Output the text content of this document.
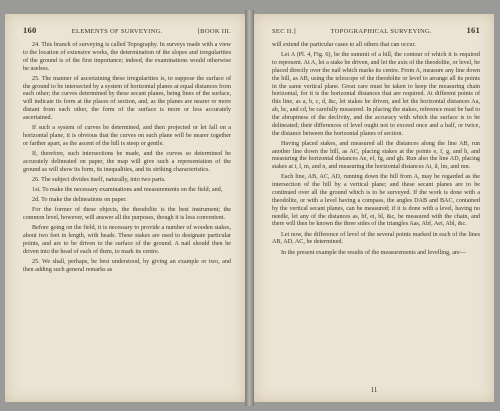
160	ELEMENTS OF SURVEYING.	[BOOK III.

24. This branch of surveying is called Topography. In surveys made with a view to the location of extensive works, the determination of the slopes and irregularities of the ground is of the first importance; indeed, the examinations would otherwise be useless.

25. The manner of ascertaining these irregularities is, to suppose the surface of the ground to be intersected by a system of horizontal planes at equal distances from each other; the curves determined by these secant planes, being lines of the surface, will indicate its form at the places of section, and, as the planes are nearer or more distant from each other, the form of the surface is more or less accurately ascertained.

If such a system of curves be determined, and then projected or let fall on a horizontal plane, it is obvious that the curves on such plane will be nearer together or farther apart, as the ascent of the hill is steep or gentle.

If, therefore, such intersections be made, and the curves so determined be accurately delineated on paper, the map will give such a representation of the ground as will show its form, its inequalities, and its striking characteristics.

26. The subject divides itself, naturally, into two parts.

1st. To make the necessary examinations and measurements on the field; and,

2d. To make the delineations on paper.

For the former of these objects, the theodolite is the best instrument; the common level, however, will answer all the purposes, though it is less convenient.

Before going on the field, it is necessary to provide a number of wooden stakes, about two feet in length, with heads. These stakes are used to designate particular points, and are to be driven to the surface of the ground. A nail should then be driven into the head of each of them, to mark its centre.

25. We shall, perhaps, be best understood, by giving an example or two, and then adding such general remarks as

SEC II.]	TOPOGRAPHICAL SURVEYING.	161

will extend the particular cases to all others that can occur.

Let A (Pl. 4, Fig. 6), be the summit of a hill, the contour of which it is required to represent. At A, let a stake be driven, and let the axis of the theodolite, or level, be placed directly over the nail which marks its centre. From A, measure any line down the hill, as AB, using the telescope of the theodolite or level to arrange all its points in the same vertical plane. Great care must be taken to keep the measuring chain horizontal, for it is the horizontal distances that are required. At different points of this line, as a, b, c, d, &c, let stakes be driven, and let the horizontal distances Aa, ab, bc, and cd, be carefully measured. In placing the stakes, reference must be had to the abruptness of the declivity, and the accuracy with which the surface is to be delineated; their differences of level ought not to exceed once and a half, or twice, the distance between the horizontal planes of section.

Having placed stakes, and measured all the distances along the line AB, run another line down the hill, as AC, placing stakes at the points e, f, g, and h, and measuring the horizontal distances Ae, ef, fg, and gh. Run also the line AD, placing stakes at i, l, m, and n, and measuring the horizontal distances Ai, il, lm, and mn.

Each line, AB, AC, AD, running down the hill from A, may be regarded as the intersection of the hill by a vertical plane; and these secant planes are to be continued over all the ground which is to be surveyed. If the work is done with a theodolite, or with a level having a compass, the angles DAB and BAC, contained by the vertical secant planes, can be measured; if it is done with a level, having no needle, let any of the distances as, bf, ei, bl, &c, be measured with the chain, and there will then be known the three sides of the triangles Aas, Abf, Aei, Abl, &c.

Let now, the difference of level of the several points marked in each of the lines AB, AD, AC, be determined.

In the present example the results of the measurements and levelling, are—

11
